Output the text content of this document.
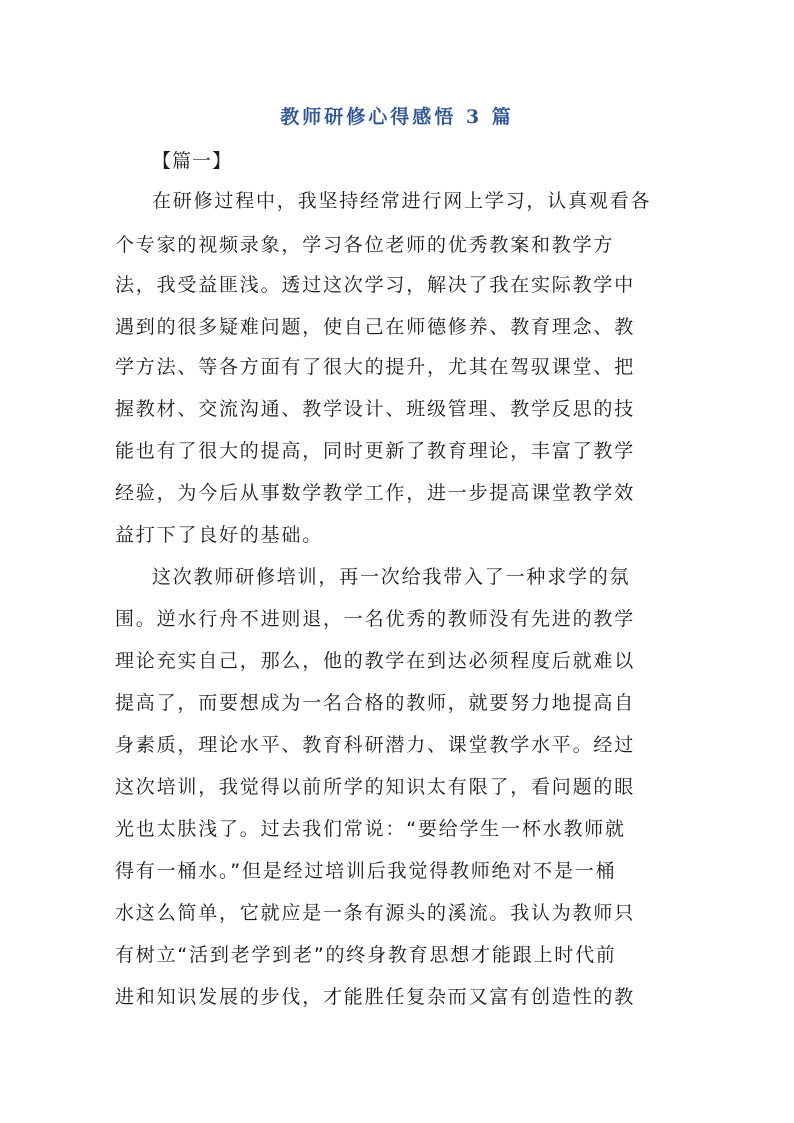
教师研修心得感悟 3 篇
【篇一】
在研修过程中，我坚持经常进行网上学习，认真观看各
个专家的视频录象，学习各位老师的优秀教案和教学方
法，我受益匪浅。透过这次学习，解决了我在实际教学中
遇到的很多疑难问题，使自己在师德修养、教育理念、教
学方法、等各方面有了很大的提升，尤其在驾驭课堂、把
握教材、交流沟通、教学设计、班级管理、教学反思的技
能也有了很大的提高，同时更新了教育理论，丰富了教学
经验，为今后从事数学教学工作，进一步提高课堂教学效
益打下了良好的基础。
这次教师研修培训，再一次给我带入了一种求学的氛
围。逆水行舟不进则退，一名优秀的教师没有先进的教学
理论充实自己，那么，他的教学在到达必须程度后就难以
提高了，而要想成为一名合格的教师，就要努力地提高自
身素质，理论水平、教育科研潜力、课堂教学水平。经过
这次培训，我觉得以前所学的知识太有限了，看问题的眼
光也太肤浅了。过去我们常说：“要给学生一杯水教师就
得有一桶水。”但是经过培训后我觉得教师绝对不是一桶
水这么简单，它就应是一条有源头的溪流。我认为教师只
有树立“活到老学到老”的终身教育思想才能跟上时代前
进和知识发展的步伐，才能胜任复杂而又富有创造性的教
